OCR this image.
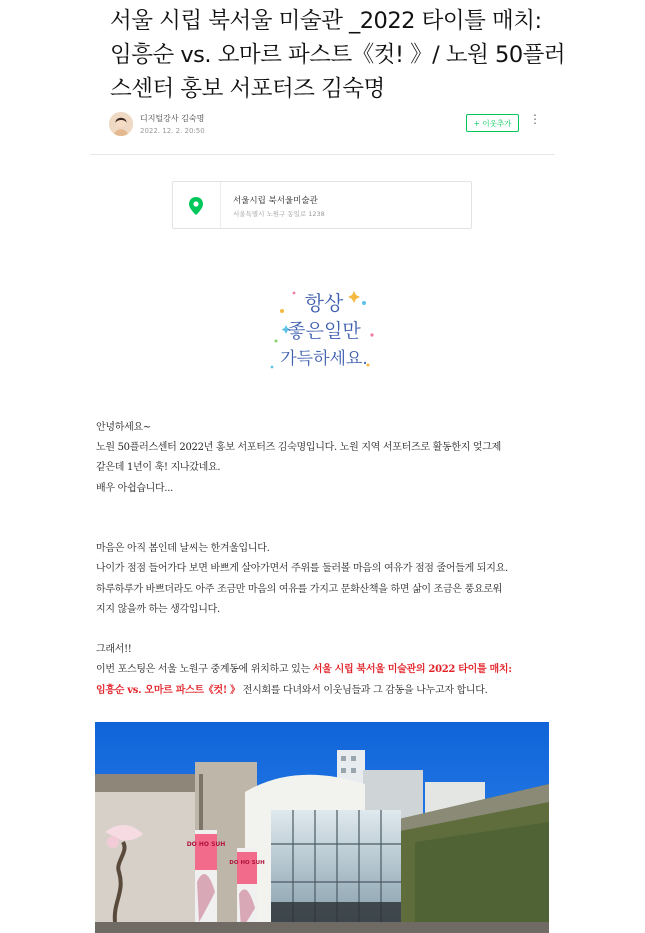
서울 시립 북서울 미술관 _2022 타이틀 매치:
임흥순 vs. 오마르 파스트《컷! 》/ 노원 50플러
스센터 홍보 서포터즈 김숙명
디지털강사 김숙명
2022. 12. 2. 20:50
+ 이웃추가	⋮
서울시립 북서울미술관
서울특별시 노원구 동일로 1238
항상
좋은일만
가득하세요.

안녕하세요~

노원 50플러스센터 2022년 홍보 서포터즈 김숙명입니다. 노원 지역 서포터즈로 활동한지 엊그제

같은데 1년이 훅! 지나갔네요.

배우 아쉽습니다...

마음은 아직 봄인데 날씨는 한겨울입니다.

나이가 점점 들어가다 보면 바쁘게 살아가면서 주위를 둘러볼 마음의 여유가 점점 줄어들게 되지요.

하루하루가 바쁘더라도 아주 조금만 마음의 여유를 가지고 문화산책을 하면 삶이 조금은 풍요로워

지지 않을까 하는 생각입니다.

그래서!!

이번 포스팅은 서울 노원구 중계동에 위치하고 있는 서울 시립 북서울 미술관의 2022 타이틀 매치:

임흥순 vs. 오마르 파스트《컷! 》 전시회를 다녀와서 이웃님들과 그 감동을 나누고자 합니다.

DO HO SUH
DO HO SUH
